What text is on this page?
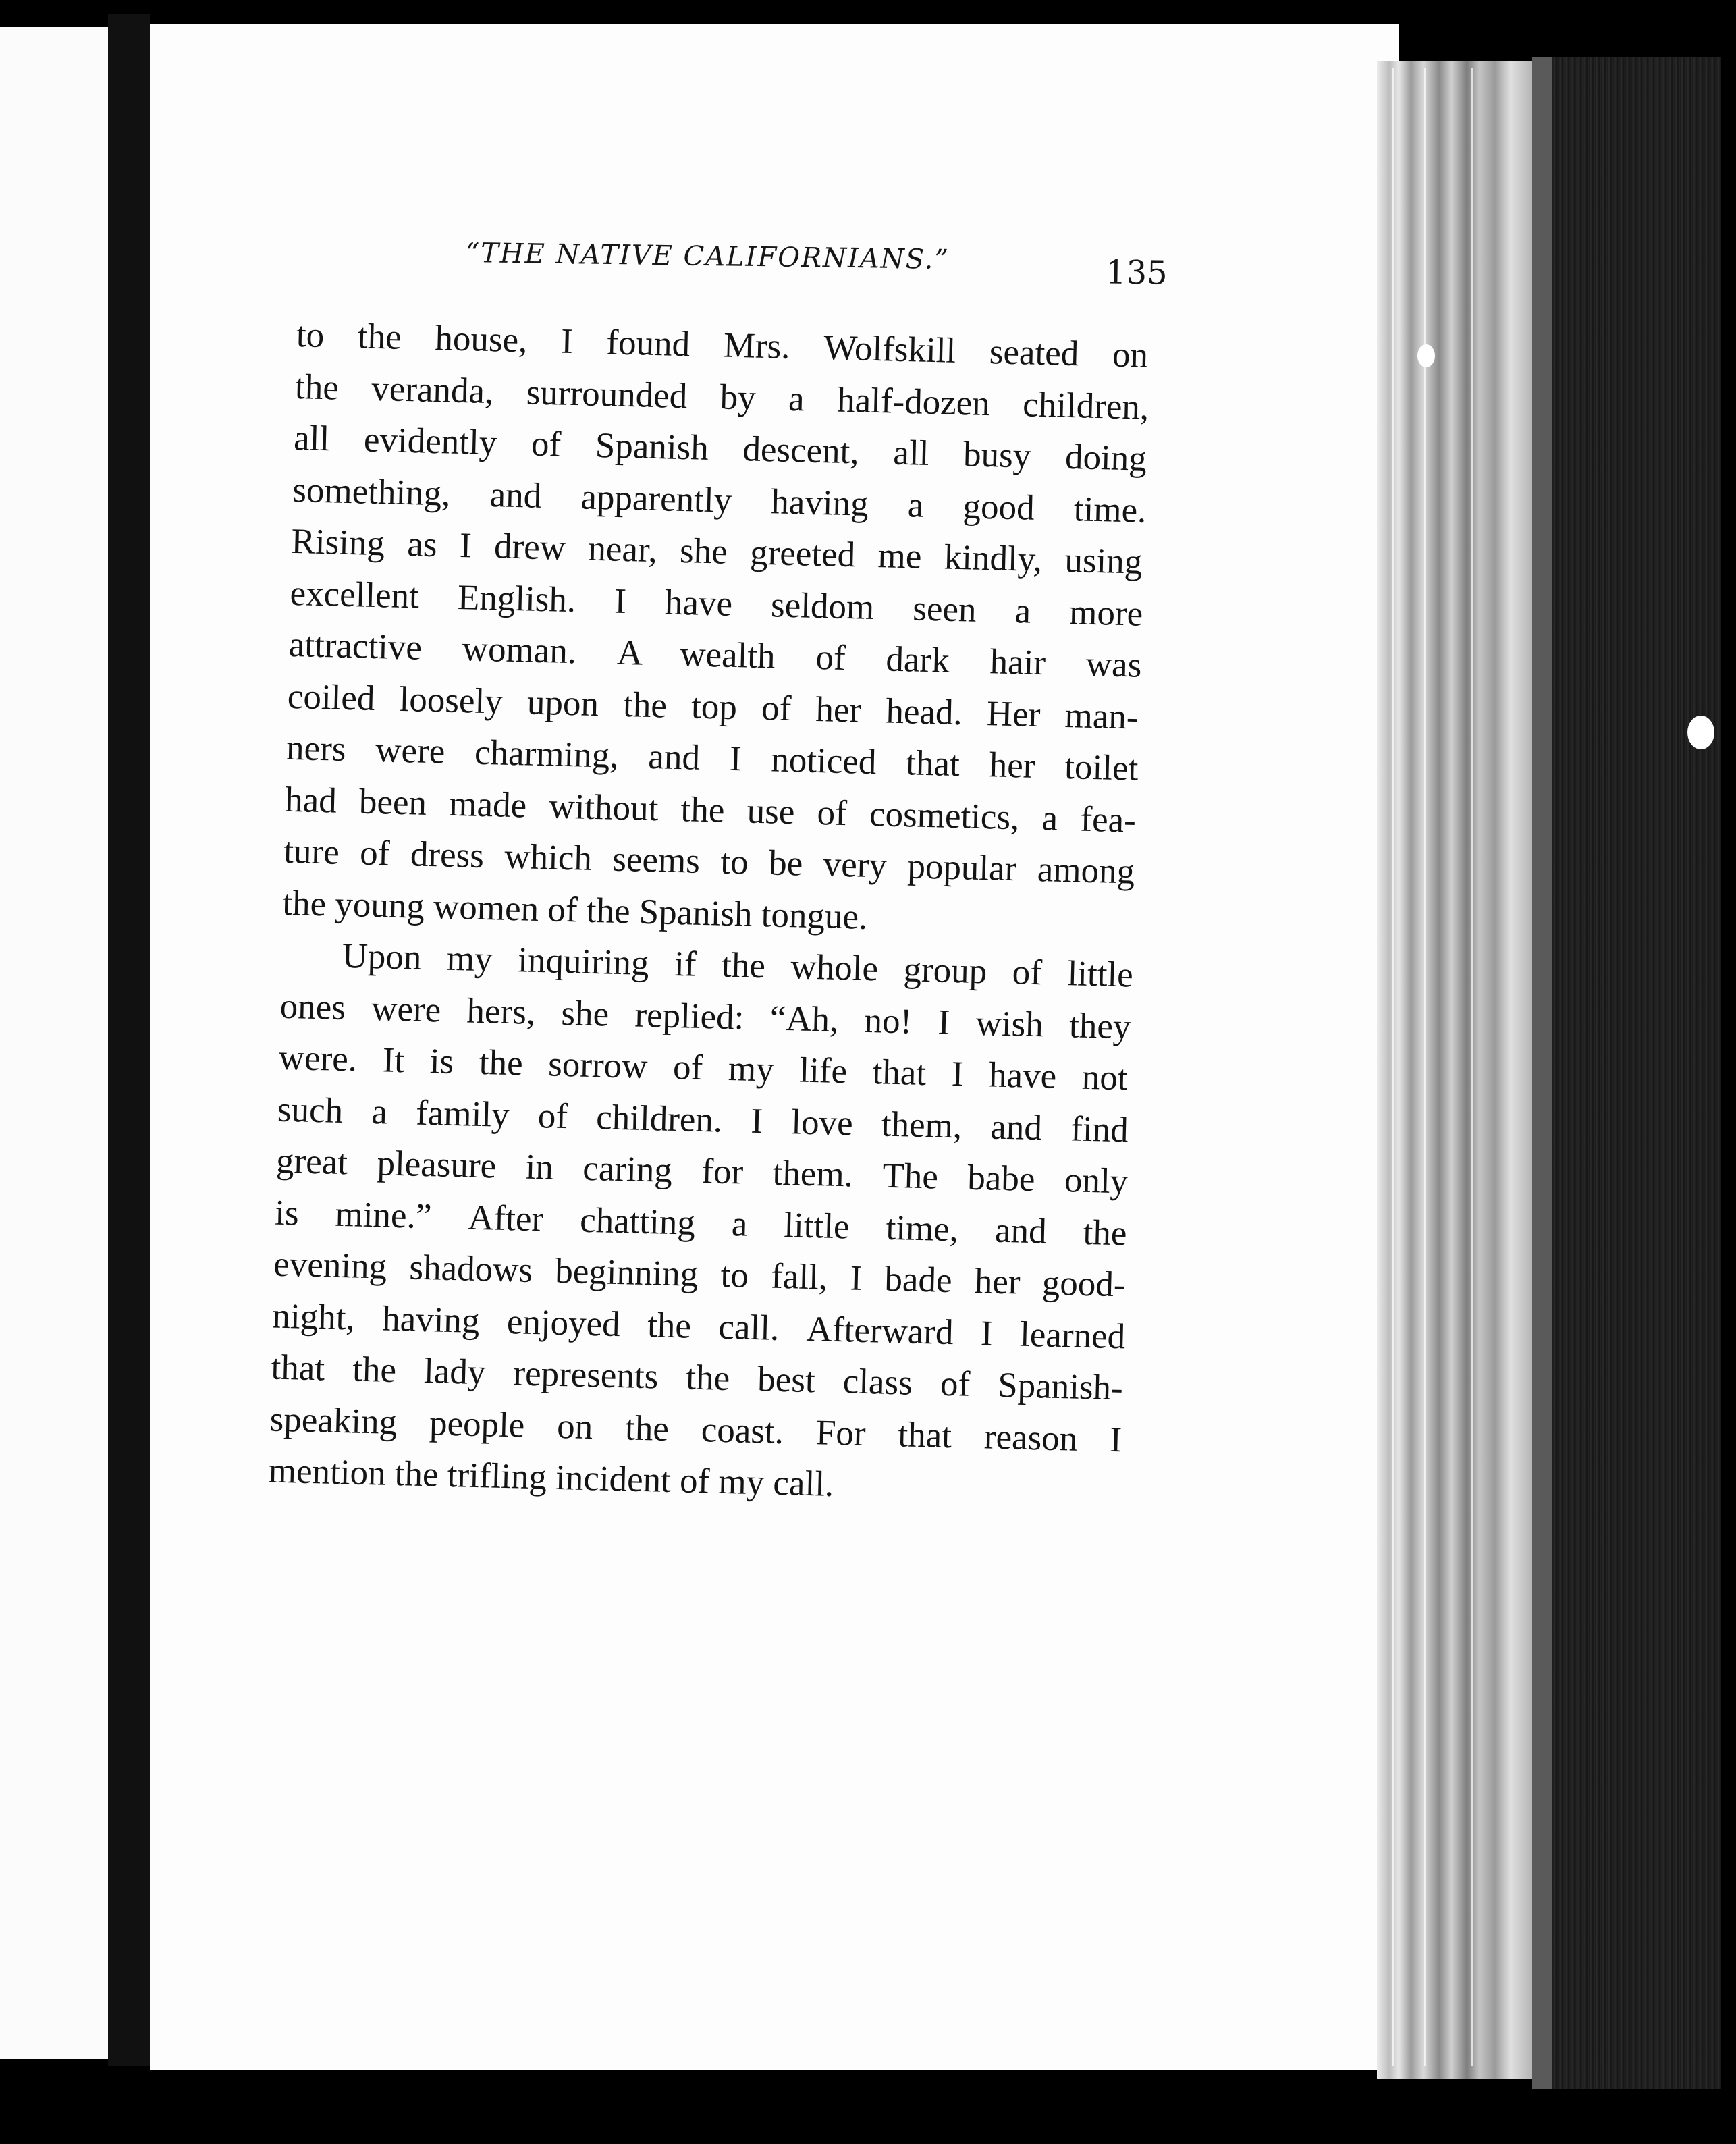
“THE NATIVE CALIFORNIANS.”	135
to the house, I found Mrs. Wolfskill seated on
the veranda, surrounded by a half-dozen children,
all evidently of Spanish descent, all busy doing
something, and apparently having a good time.
Rising as I drew near, she greeted me kindly, using
excellent English. I have seldom seen a more
attractive woman. A wealth of dark hair was
coiled loosely upon the top of her head. Her man-
ners were charming, and I noticed that her toilet
had been made without the use of cosmetics, a fea-
ture of dress which seems to be very popular among
the young women of the Spanish tongue.
Upon my inquiring if the whole group of little
ones were hers, she replied: “Ah, no! I wish they
were. It is the sorrow of my life that I have not
such a family of children. I love them, and find
great pleasure in caring for them. The babe only
is mine.” After chatting a little time, and the
evening shadows beginning to fall, I bade her good-
night, having enjoyed the call. Afterward I learned
that the lady represents the best class of Spanish-
speaking people on the coast. For that reason I
mention the trifling incident of my call.
